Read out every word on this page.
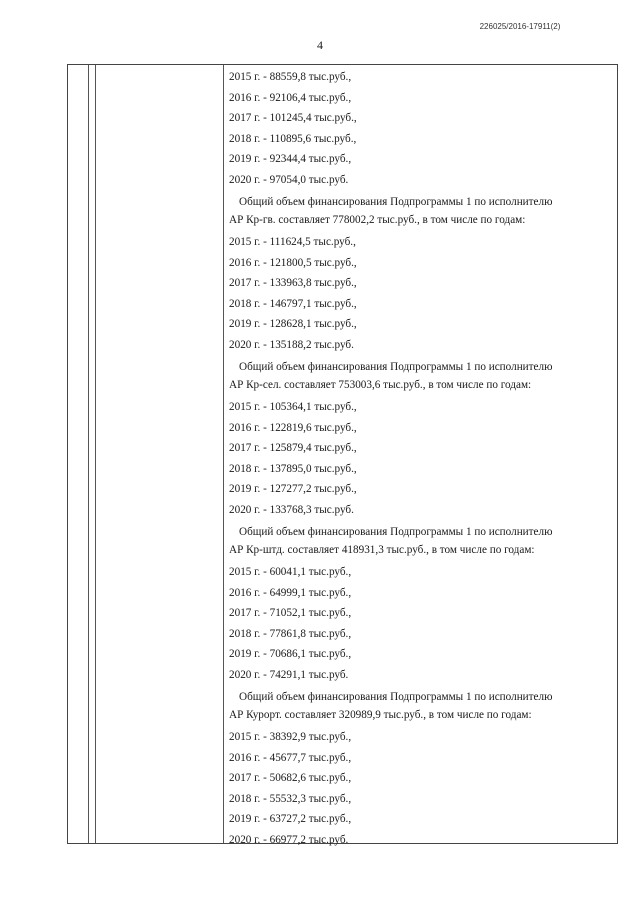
226025/2016-17911(2)
4
2015 г. - 88559,8 тыс.руб.,
2016 г. - 92106,4 тыс.руб.,
2017 г. - 101245,4 тыс.руб.,
2018 г. - 110895,6 тыс.руб.,
2019 г. - 92344,4 тыс.руб.,
2020 г. - 97054,0 тыс.руб.
Общий объем финансирования Подпрограммы 1 по исполнителю
АР Кр-гв. составляет 778002,2 тыс.руб., в том числе по годам:
2015 г. - 111624,5 тыс.руб.,
2016 г. - 121800,5 тыс.руб.,
2017 г. - 133963,8 тыс.руб.,
2018 г. - 146797,1 тыс.руб.,
2019 г. - 128628,1 тыс.руб.,
2020 г. - 135188,2 тыс.руб.
Общий объем финансирования Подпрограммы 1 по исполнителю
АР Кр-сел. составляет 753003,6 тыс.руб., в том числе по годам:
2015 г. - 105364,1 тыс.руб.,
2016 г. - 122819,6 тыс.руб.,
2017 г. - 125879,4 тыс.руб.,
2018 г. - 137895,0 тыс.руб.,
2019 г. - 127277,2 тыс.руб.,
2020 г. - 133768,3 тыс.руб.
Общий объем финансирования Подпрограммы 1 по исполнителю
АР Кр-штд. составляет 418931,3 тыс.руб., в том числе по годам:
2015 г. - 60041,1 тыс.руб.,
2016 г. - 64999,1 тыс.руб.,
2017 г. - 71052,1 тыс.руб.,
2018 г. - 77861,8 тыс.руб.,
2019 г. - 70686,1 тыс.руб.,
2020 г. - 74291,1 тыс.руб.
Общий объем финансирования Подпрограммы 1 по исполнителю
АР Курорт. составляет 320989,9 тыс.руб., в том числе по годам:
2015 г. - 38392,9 тыс.руб.,
2016 г. - 45677,7 тыс.руб.,
2017 г. - 50682,6 тыс.руб.,
2018 г. - 55532,3 тыс.руб.,
2019 г. - 63727,2 тыс.руб.,
2020 г. - 66977,2 тыс.руб.
